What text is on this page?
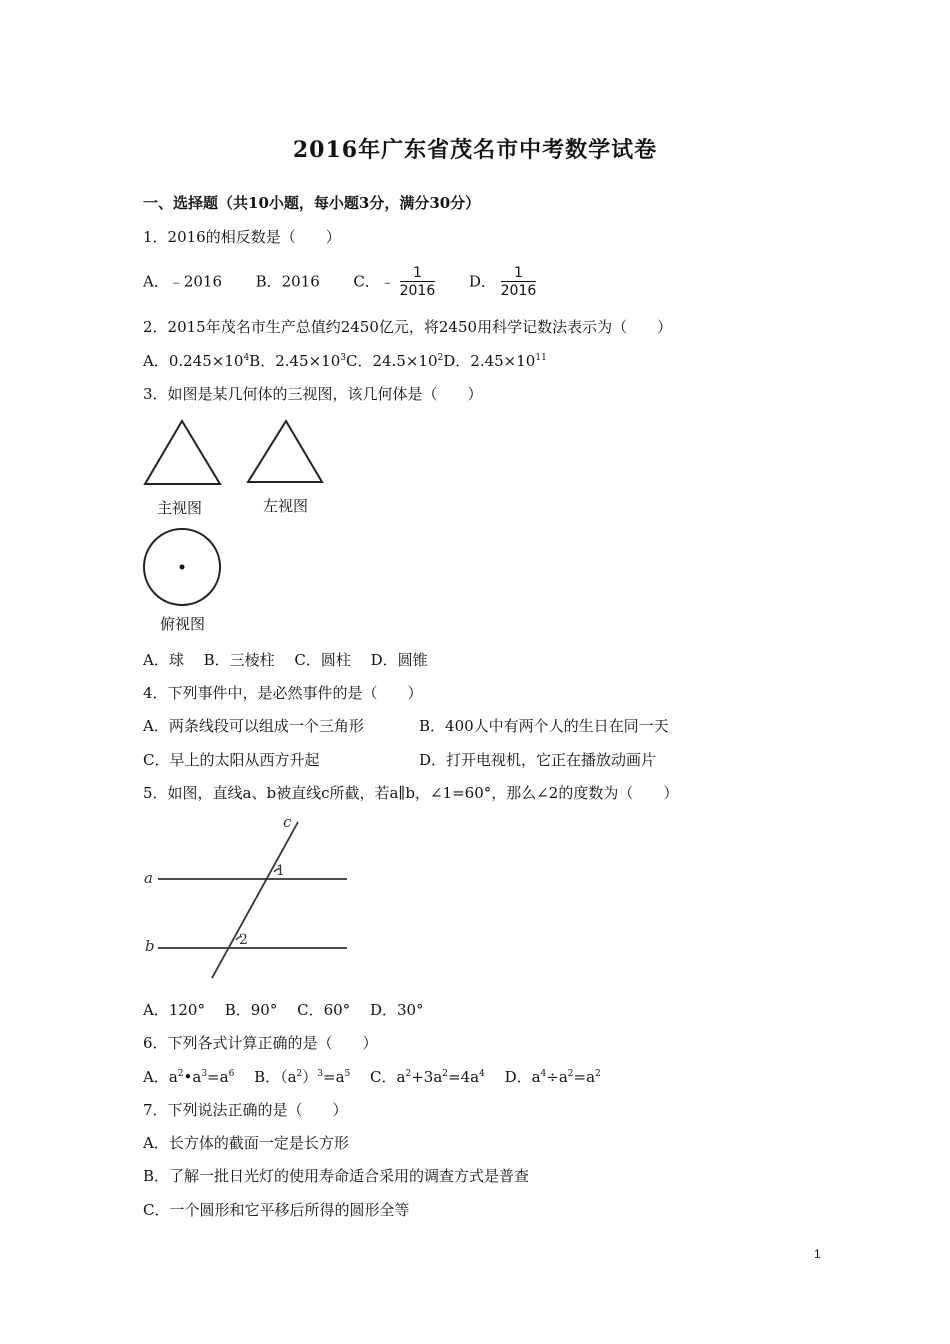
2016年广东省茂名市中考数学试卷
一、选择题（共10小题，每小题3分，满分30分）
1．2016的相反数是（　　）
A．﹣2016 B．2016 C．﹣ $\frac{1}{2016}$ D． $\frac{1}{2016}$
2．2015年茂名市生产总值约2450亿元，将2450用科学记数法表示为（　　）
A．$0.245\times 10^4B$．$2.45\times 10^3C$．$24.5\times 10^2D$．$2.45\times 10^{11}$
3．如图是某几何体的三视图，该几何体是（　　）
主视图	左视图
俯视图
A．球　 B．三棱柱　 C．圆柱　 D．圆锥
4．下列事件中，是必然事件的是（　　）
A．两条线段可以组成一个三角形	B．400人中有两个人的生日在同一天
C．早上的太阳从西方升起	D．打开电视机，它正在播放动画片
5．如图，直线a、b被直线c所截，若a∥b，∠1=60°，那么∠2的度数为（　　）
a
b
c
1
2
A．120°　 B．90°　 C．60°　 D．30°
6．下列各式计算正确的是（　　）
A．$a^2•a^3=a^6$　 B．$(a^2)^3=a^5$　 C．$a^2+3a^2=4a^4$　 D．$a^4\div a^2=a^2$
7．下列说法正确的是（　　）
A．长方体的截面一定是长方形
B．了解一批日光灯的使用寿命适合采用的调查方式是普查
C．一个圆形和它平移后所得的圆形全等
1
